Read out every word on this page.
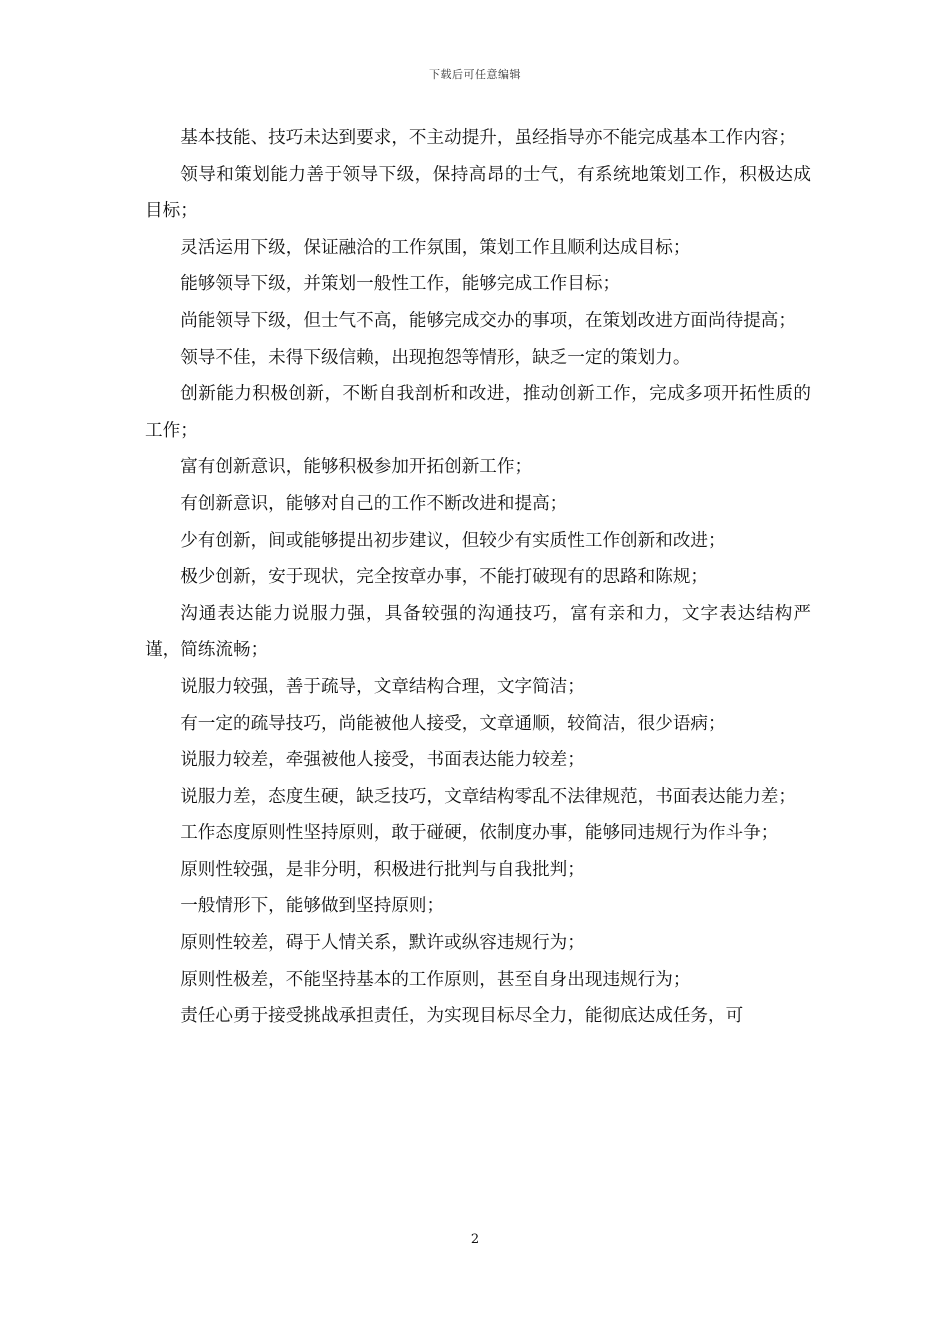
下载后可任意编辑

基本技能、技巧未达到要求，不主动提升，虽经指导亦不能完成基本工作内容；

领导和策划能力善于领导下级，保持高昂的士气，有系统地策划工作，积极达成目标；

灵活运用下级，保证融洽的工作氛围，策划工作且顺利达成目标；

能够领导下级，并策划一般性工作，能够完成工作目标；

尚能领导下级，但士气不高，能够完成交办的事项，在策划改进方面尚待提高；

领导不佳，未得下级信赖，出现抱怨等情形，缺乏一定的策划力。

创新能力积极创新，不断自我剖析和改进，推动创新工作，完成多项开拓性质的工作；

富有创新意识，能够积极参加开拓创新工作；

有创新意识，能够对自己的工作不断改进和提高；

少有创新，间或能够提出初步建议，但较少有实质性工作创新和改进；

极少创新，安于现状，完全按章办事，不能打破现有的思路和陈规；

沟通表达能力说服力强，具备较强的沟通技巧，富有亲和力，文字表达结构严谨，简练流畅；

说服力较强，善于疏导，文章结构合理，文字简洁；

有一定的疏导技巧，尚能被他人接受，文章通顺，较简洁，很少语病；

说服力较差，牵强被他人接受，书面表达能力较差；

说服力差，态度生硬，缺乏技巧，文章结构零乱不法律规范，书面表达能力差；

工作态度原则性坚持原则，敢于碰硬，依制度办事，能够同违规行为作斗争；

原则性较强，是非分明，积极进行批判与自我批判；

一般情形下，能够做到坚持原则；

原则性较差，碍于人情关系，默许或纵容违规行为；

原则性极差，不能坚持基本的工作原则，甚至自身出现违规行为；

责任心勇于接受挑战承担责任，为实现目标尽全力，能彻底达成任务，可

2
